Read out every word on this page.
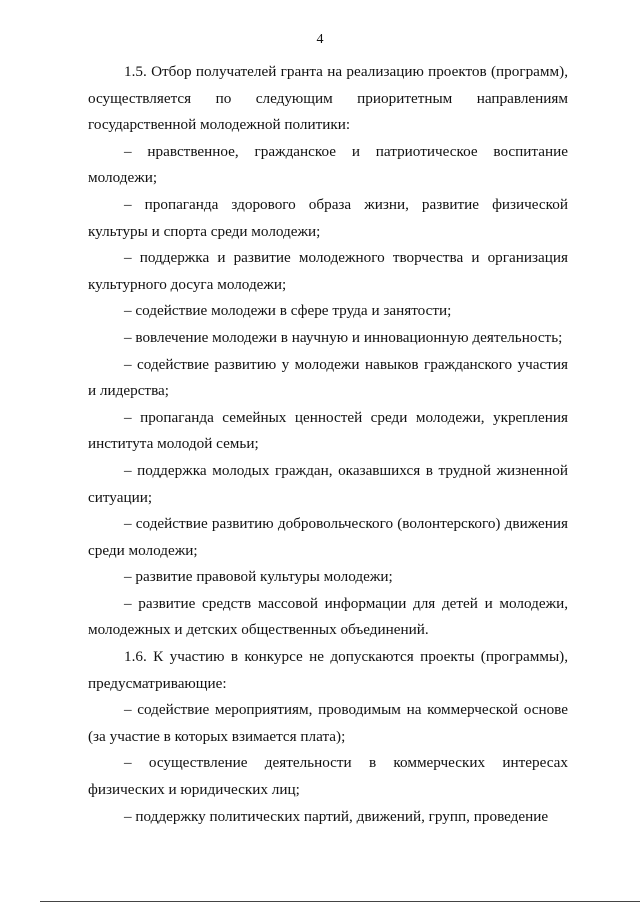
4

1.5. Отбор получателей гранта на реализацию проектов (программ), осуществляется по следующим приоритетным направлениям государственной молодежной политики:

– нравственное, гражданское и патриотическое воспитание молодежи;

– пропаганда здорового образа жизни, развитие физической культуры и спорта среди молодежи;

– поддержка и развитие молодежного творчества и организация культурного досуга молодежи;

– содействие молодежи в сфере труда и занятости;

– вовлечение молодежи в научную и инновационную деятельность;

– содействие развитию у молодежи навыков гражданского участия и лидерства;

– пропаганда семейных ценностей среди молодежи, укрепления института молодой семьи;

– поддержка молодых граждан, оказавшихся в трудной жизненной ситуации;

– содействие развитию добровольческого (волонтерского) движения среди молодежи;

– развитие правовой культуры молодежи;

– развитие средств массовой информации для детей и молодежи, молодежных и детских общественных объединений.

1.6. К участию в конкурсе не допускаются проекты (программы), предусматривающие:

– содействие мероприятиям, проводимым на коммерческой основе (за участие в которых взимается плата);

– осуществление деятельности в коммерческих интересах физических и юридических лиц;

– поддержку политических партий, движений, групп, проведение
